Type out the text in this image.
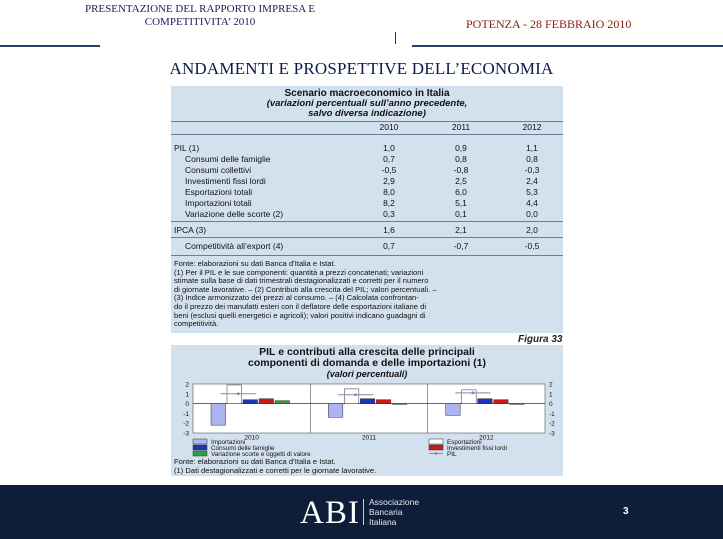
PRESENTAZIONE DEL RAPPORTO IMPRESA E
COMPETITIVITA’ 2010	POTENZA - 28 FEBBRAIO 2010
ANDAMENTI E PROSPETTIVE DELL’ECONOMIA
Scenario macroeconomico in Italia
(variazioni percentuali sull’anno precedente,
salvo diversa indicazione)
2010	2011	2012
PIL (1)	1,0	0,9	1,1
Consumi delle famiglie	0,7	0,8	0,8
Consumi collettivi	-0,5	-0,8	-0,3
Investimenti fissi lordi	2,9	2,5	2,4
Esportazioni totali	8,0	6,0	5,3
Importazioni totali	8,2	5,1	4,4
Variazione delle scorte (2)	0,3	0,1	0,0
IPCA (3)	1,6	2,1	2,0
Competitività all’export (4)	0,7	-0,7	-0,5
Fonte: elaborazioni su dati Banca d’Italia e Istat.
(1) Per il PIL e le sue componenti: quantità a prezzi concatenati; variazioni
stimate sulla base di dati trimestrali destagionalizzati e corretti per il numero
di giornate lavorative. – (2) Contributi alla crescita del PIL; valori percentuali. –
(3) Indice armonizzato dei prezzi al consumo. – (4) Calcolata confrontan-
do il prezzo dei manufatti esteri con il deflatore delle esportazioni italiane di
beni (esclusi quelli energetici e agricoli); valori positivi indicano guadagni di
competitività.
Figura 33
PIL e contributi alla crescita delle principali
componenti di domanda e delle importazioni (1)
(valori percentuali)
2	2
1	1
0	0
-1	-1
-2	-2
-3	-3
2010	2011	2012
Importazioni	Esportazioni
Consumi delle famiglie	Investimenti fissi lordi
Variazione scorte e oggetti di valore	PIL
Fonte: elaborazioni su dati Banca d’Italia e Istat.
(1) Dati destagionalizzati e corretti per le giornate lavorative.
ABI Associazione
Bancaria
Italiana
3
